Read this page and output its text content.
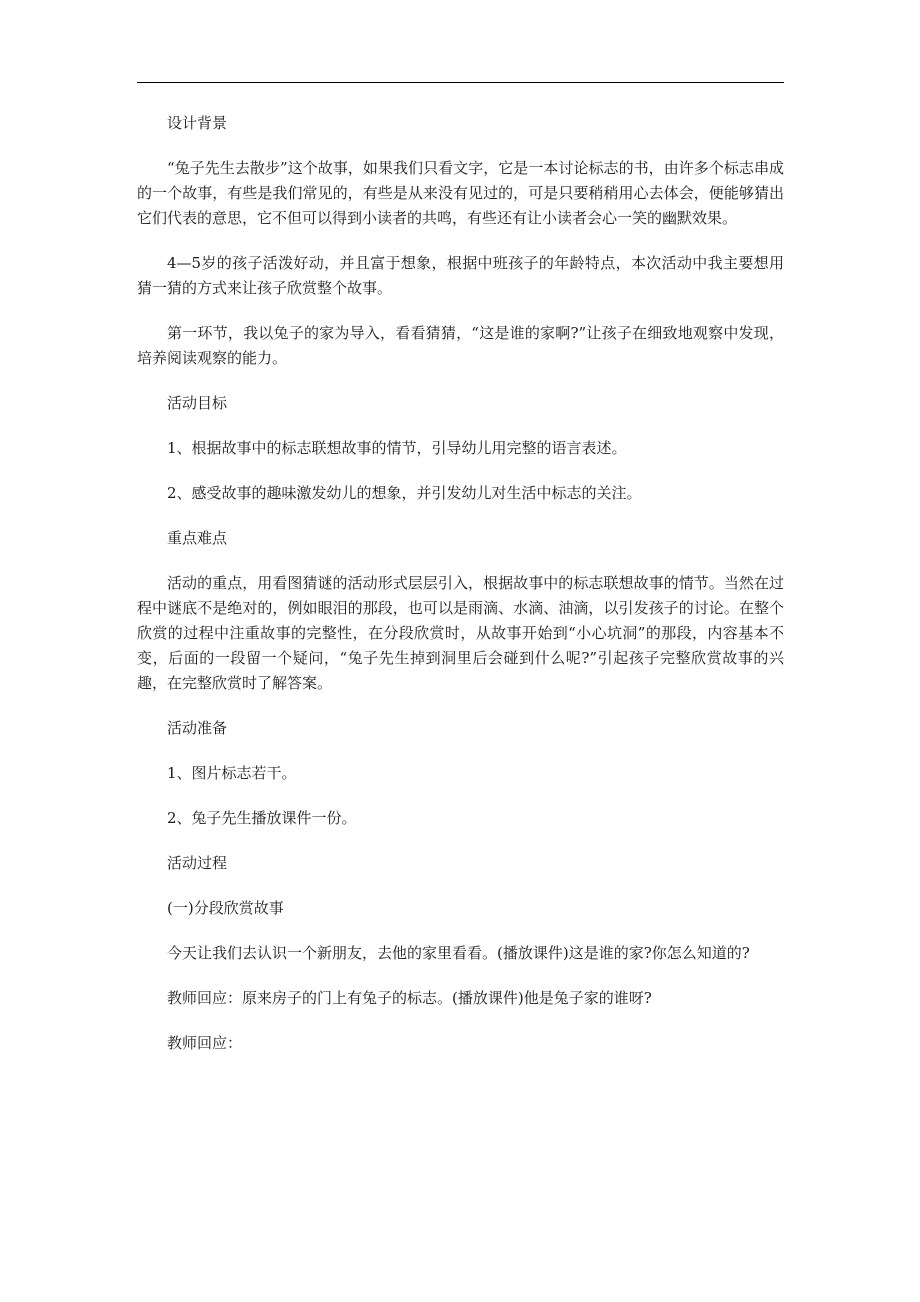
设计背景

“兔子先生去散步”这个故事，如果我们只看文字，它是一本讨论标志的书，由许多个标志串成的一个故事，有些是我们常见的，有些是从来没有见过的，可是只要稍稍用心去体会，便能够猜出它们代表的意思，它不但可以得到小读者的共鸣，有些还有让小读者会心一笑的幽默效果。

4—5岁的孩子活泼好动，并且富于想象，根据中班孩子的年龄特点，本次活动中我主要想用猜一猜的方式来让孩子欣赏整个故事。

第一环节，我以兔子的家为导入，看看猜猜，“这是谁的家啊?”让孩子在细致地观察中发现，培养阅读观察的能力。

活动目标

1、根据故事中的标志联想故事的情节，引导幼儿用完整的语言表述。

2、感受故事的趣味激发幼儿的想象，并引发幼儿对生活中标志的关注。

重点难点

活动的重点，用看图猜谜的活动形式层层引入，根据故事中的标志联想故事的情节。当然在过程中谜底不是绝对的，例如眼泪的那段，也可以是雨滴、水滴、油滴，以引发孩子的讨论。在整个欣赏的过程中注重故事的完整性，在分段欣赏时，从故事开始到“小心坑洞”的那段，内容基本不变，后面的一段留一个疑问，“兔子先生掉到洞里后会碰到什么呢?”引起孩子完整欣赏故事的兴趣，在完整欣赏时了解答案。

活动准备

1、图片标志若干。

2、兔子先生播放课件一份。

活动过程

(一)分段欣赏故事

今天让我们去认识一个新朋友，去他的家里看看。(播放课件)这是谁的家?你怎么知道的?

教师回应：原来房子的门上有兔子的标志。(播放课件)他是兔子家的谁呀?

教师回应：
